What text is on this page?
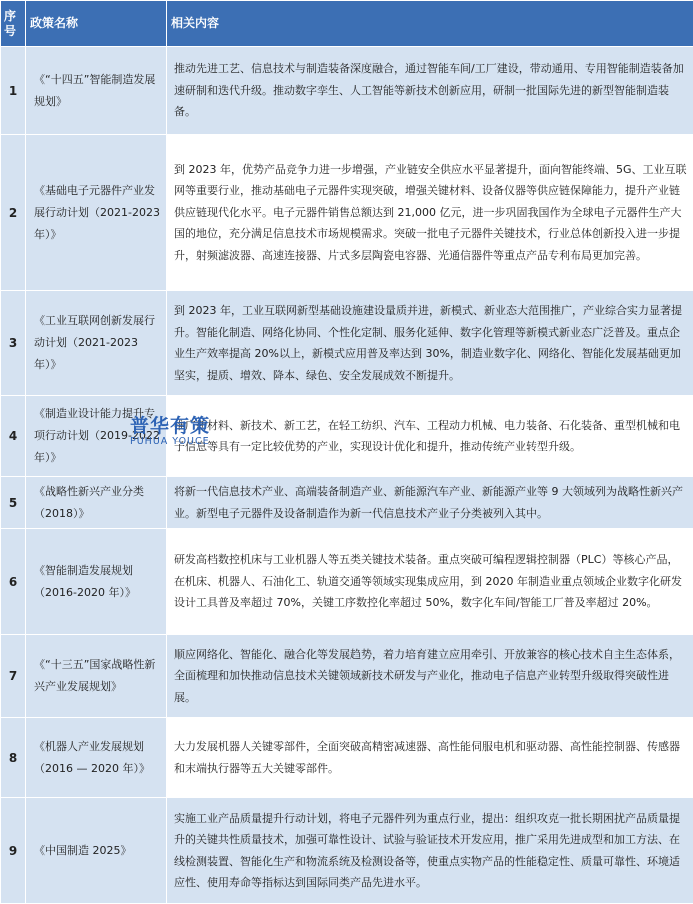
序号	政策名称	相关内容
1	《“十四五”智能制造发展规划》	推动先进工艺、信息技术与制造装备深度融合，通过智能车间/工厂建设，带动通用、专用智能制造装备加速研制和迭代升级。推动数字孪生、人工智能等新技术创新应用，研制一批国际先进的新型智能制造装备。
2	《基础电子元器件产业发展行动计划（2021-2023 年）》	到 2023 年，优势产品竞争力进一步增强，产业链安全供应水平显著提升，面向智能终端、5G、工业互联网等重要行业，推动基础电子元器件实现突破，增强关键材料、设备仪器等供应链保障能力，提升产业链供应链现代化水平。电子元器件销售总额达到 21,000 亿元，进一步巩固我国作为全球电子元器件生产大国的地位，充分满足信息技术市场规模需求。突破一批电子元器件关键技术，行业总体创新投入进一步提升，射频滤波器、高速连接器、片式多层陶瓷电容器、光通信器件等重点产品专利布局更加完善。
3	《工业互联网创新发展行动计划（2021-2023 年）》	到 2023 年，工业互联网新型基础设施建设量质并进，新模式、新业态大范围推广，产业综合实力显著提升。智能化制造、网络化协同、个性化定制、服务化延伸、数字化管理等新模式新业态广泛普及。重点企业生产效率提高 20%以上，新模式应用普及率达到 30%，制造业数字化、网络化、智能化发展基础更加坚实，提质、增效、降本、绿色、安全发展成效不断提升。
4	《制造业设计能力提升专项行动计划（2019-2022 年）》	推广新材料、新技术、新工艺，在轻工纺织、汽车、工程动力机械、电力装备、石化装备、重型机械和电子信息等具有一定比较优势的产业，实现设计优化和提升，推动传统产业转型升级。
5	《战略性新兴产业分类（2018）》	将新一代信息技术产业、高端装备制造产业、新能源汽车产业、新能源产业等 9 大领域列为战略性新兴产业。新型电子元器件及设备制造作为新一代信息技术产业子分类被列入其中。
6	《智能制造发展规划（2016-2020 年）》	研发高档数控机床与工业机器人等五类关键技术装备。重点突破可编程逻辑控制器（PLC）等核心产品，在机床、机器人、石油化工、轨道交通等领域实现集成应用，到 2020 年制造业重点领域企业数字化研发设计工具普及率超过 70%，关键工序数控化率超过 50%，数字化车间/智能工厂普及率超过 20%。
7	《“十三五”国家战略性新兴产业发展规划》	顺应网络化、智能化、融合化等发展趋势，着力培育建立应用牵引、开放兼容的核心技术自主生态体系，全面梳理和加快推动信息技术关键领域新技术研发与产业化，推动电子信息产业转型升级取得突破性进展。
8	《机器人产业发展规划（2016 — 2020 年）》	大力发展机器人关键零部件，全面突破高精密减速器、高性能伺服电机和驱动器、高性能控制器、传感器和末端执行器等五大关键零部件。
9	《中国制造 2025》	实施工业产品质量提升行动计划，将电子元器件列为重点行业，提出：组织攻克一批长期困扰产品质量提升的关键共性质量技术，加强可靠性设计、试验与验证技术开发应用，推广采用先进成型和加工方法、在线检测装置、智能化生产和物流系统及检测设备等，使重点实物产品的性能稳定性、质量可靠性、环境适应性、使用寿命等指标达到国际同类产品先进水平。
普华有策
PUHUA YOUCE
